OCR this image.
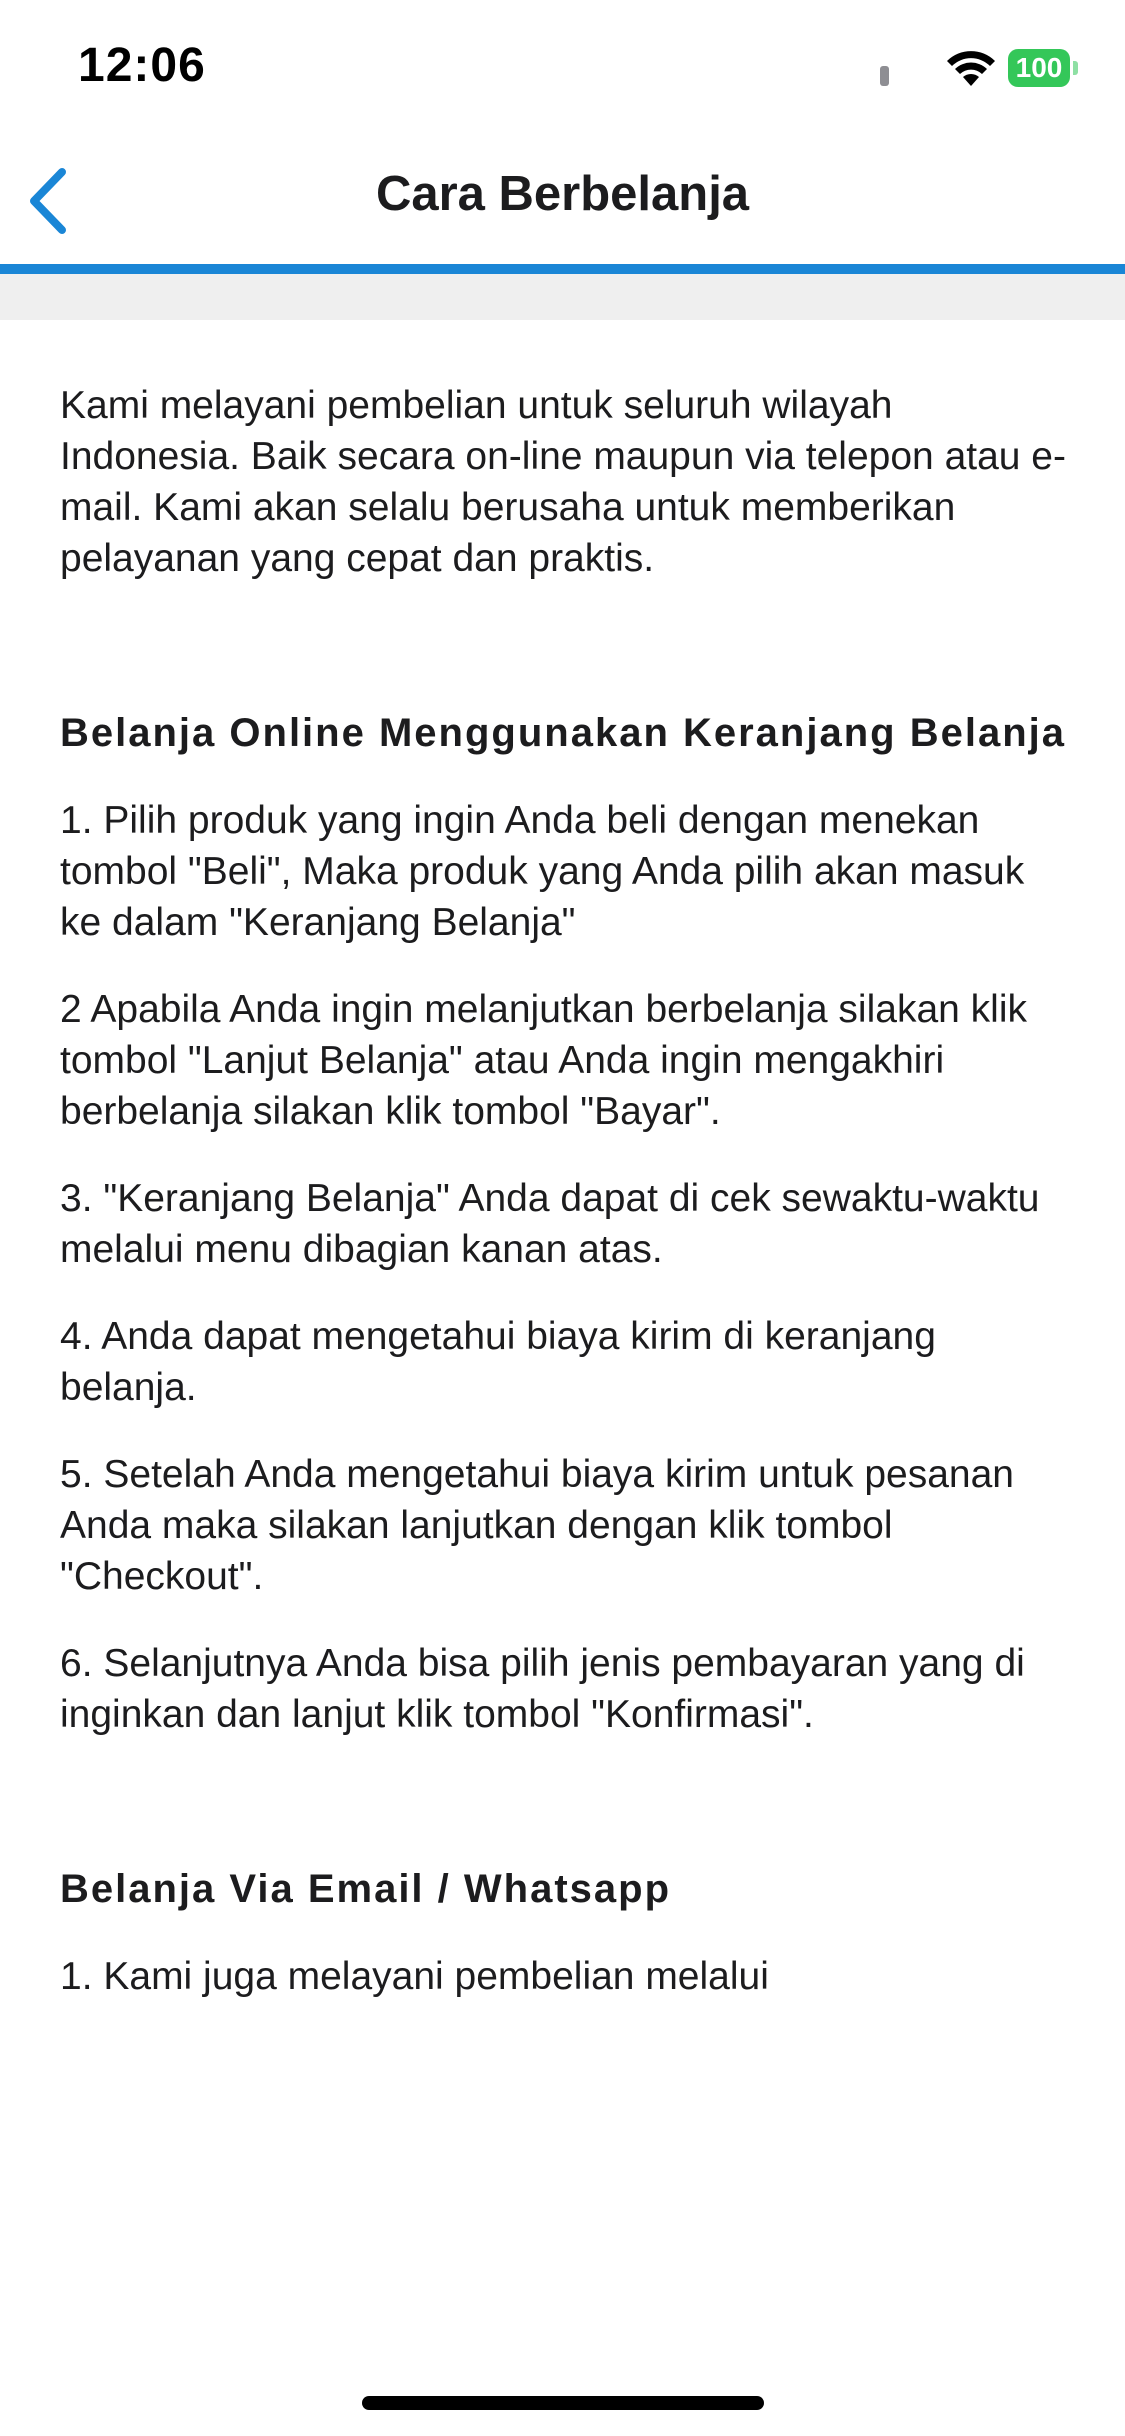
12:06	100
Cara Berbelanja

Kami melayani pembelian untuk seluruh wilayah Indonesia. Baik secara on-line maupun via telepon atau e-mail. Kami akan selalu berusaha untuk memberikan pelayanan yang cepat dan praktis.

Belanja Online Menggunakan Keranjang Belanja

1. Pilih produk yang ingin Anda beli dengan menekan tombol "Beli", Maka produk yang Anda pilih akan masuk ke dalam "Keranjang Belanja"

2 Apabila Anda ingin melanjutkan berbelanja silakan klik tombol "Lanjut Belanja" atau Anda ingin mengakhiri berbelanja silakan klik tombol "Bayar".

3. "Keranjang Belanja" Anda dapat di cek sewaktu-waktu melalui menu dibagian kanan atas.

4. Anda dapat mengetahui biaya kirim di keranjang belanja.

5. Setelah Anda mengetahui biaya kirim untuk pesanan Anda maka silakan lanjutkan dengan klik tombol "Checkout".

6. Selanjutnya Anda bisa pilih jenis pembayaran yang di inginkan dan lanjut klik tombol "Konfirmasi".

Belanja Via Email / Whatsapp

1. Kami juga melayani pembelian melalui
